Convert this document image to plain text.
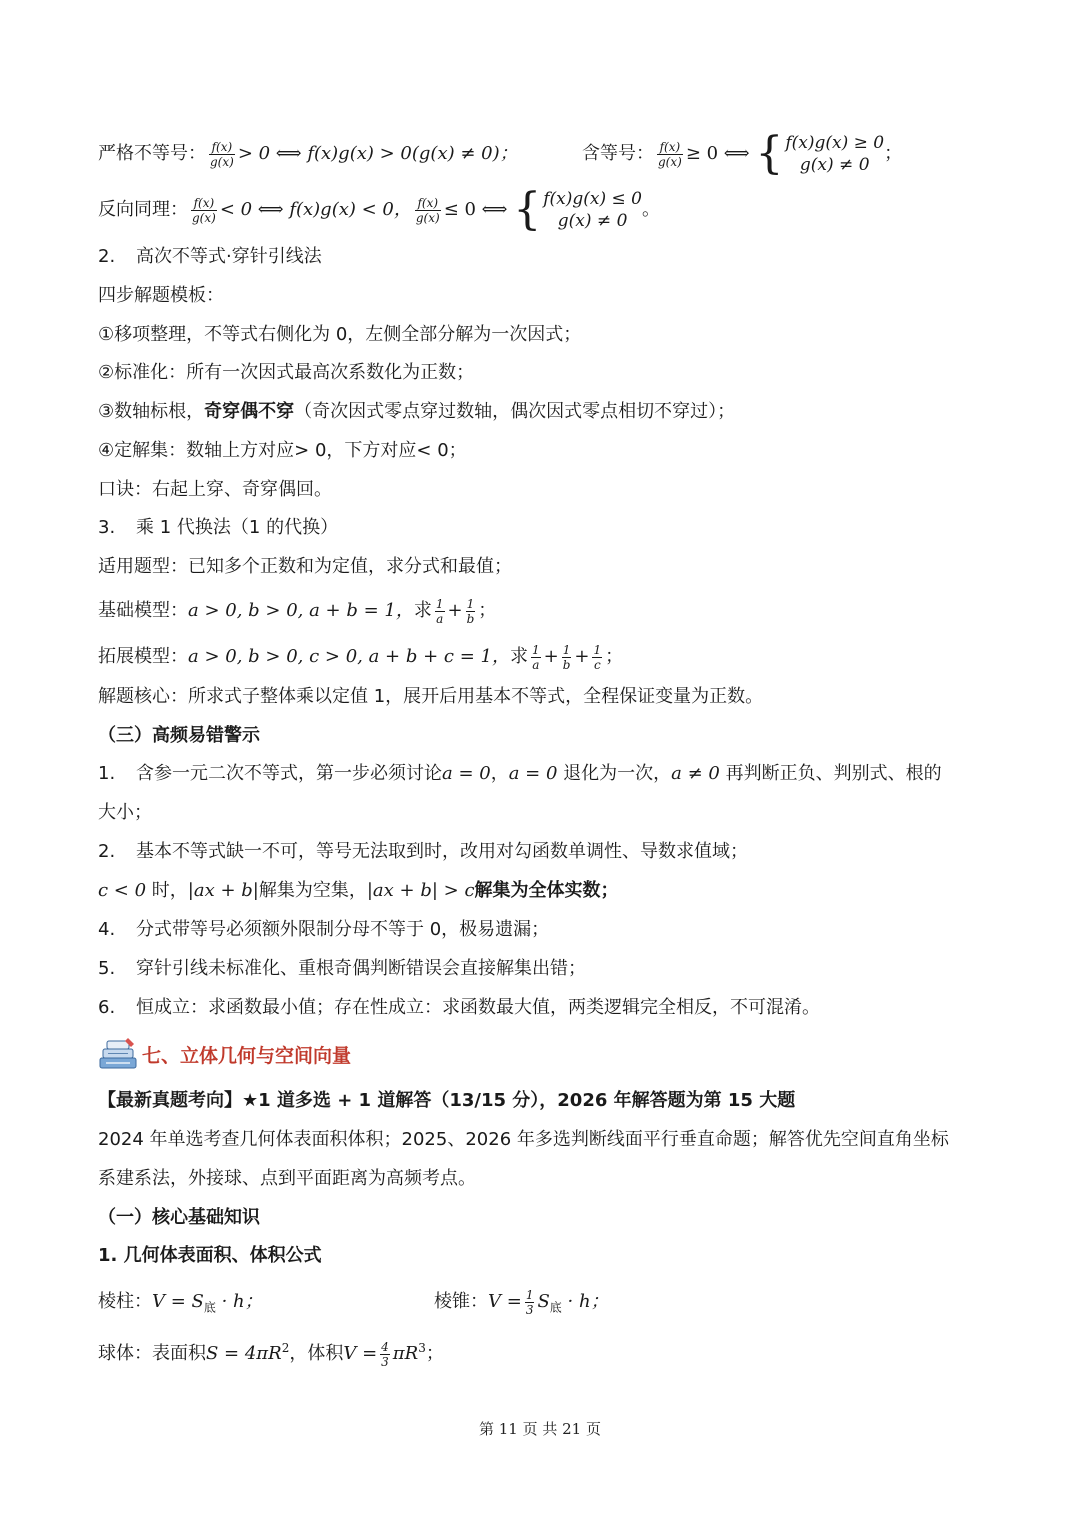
严格不等号： $\frac{f(x)}{g(x)} > 0$ ⟺ f(x)g(x) > 0(g(x) ≠ 0)；	含等号： $\frac{f(x)}{g(x)} \ge 0$ ⟺ { f(x)g(x) ≥ 0
g(x) ≠ 0
；
反向同理： $\frac{f(x)}{g(x)} < 0$ ⟺ f(x)g(x) < 0， $\frac{f(x)}{g(x)} \le 0$ ⟺ { f(x)g(x) ≤ 0
g(x) ≠ 0
。
2. 高次不等式·穿针引线法
四步解题模板：
①移项整理，不等式右侧化为 0，左侧全部分解为一次因式；
②标准化：所有一次因式最高次系数化为正数；
③数轴标根，奇穿偶不穿（奇次因式零点穿过数轴，偶次因式零点相切不穿过）；
④定解集：数轴上方对应> 0，下方对应< 0；
口诀：右起上穿、奇穿偶回。
3. 乘 1 代换法（1 的代换）
适用题型：已知多个正数和为定值，求分式和最值；
基础模型：a > 0, b > 0, a + b = 1，求 $\frac{1}{a} + \frac{1}{b}$ ；
拓展模型：a > 0, b > 0, c > 0, a + b + c = 1，求 $\frac{1}{a} + \frac{1}{b} + \frac{1}{c}$ ；
解题核心：所求式子整体乘以定值 1，展开后用基本不等式，全程保证变量为正数。
（三）高频易错警示
1. 含参一元二次不等式，第一步必须讨论a = 0，a = 0 退化为一次，a ≠ 0 再判断正负、判别式、根的
大小；
2. 基本不等式缺一不可，等号无法取到时，改用对勾函数单调性、导数求值域；
c < 0 时，|ax + b|解集为空集，|ax + b| > c解集为全体实数；
4. 分式带等号必须额外限制分母不等于 0，极易遗漏；
5. 穿针引线未标准化、重根奇偶判断错误会直接解集出错；
6. 恒成立：求函数最小值；存在性成立：求函数最大值，两类逻辑完全相反，不可混淆。
七、立体几何与空间向量
【最新真题考向】★1 道多选 + 1 道解答（13/15 分），2026 年解答题为第 15 大题
2024 年单选考查几何体表面积体积；2025、2026 年多选判断线面平行垂直命题；解答优先空间直角坐标
系建系法，外接球、点到平面距离为高频考点。
（一）核心基础知识
1. 几何体表面积、体积公式
棱柱：$V = S_底 \cdot h$；	棱锥：$V = \frac{1}{3} S_底 \cdot h$；
球体：表面积$S = 4\pi R^2$，体积$V = \frac{4}{3} \pi R^3$；
第 11 页 共 21 页
